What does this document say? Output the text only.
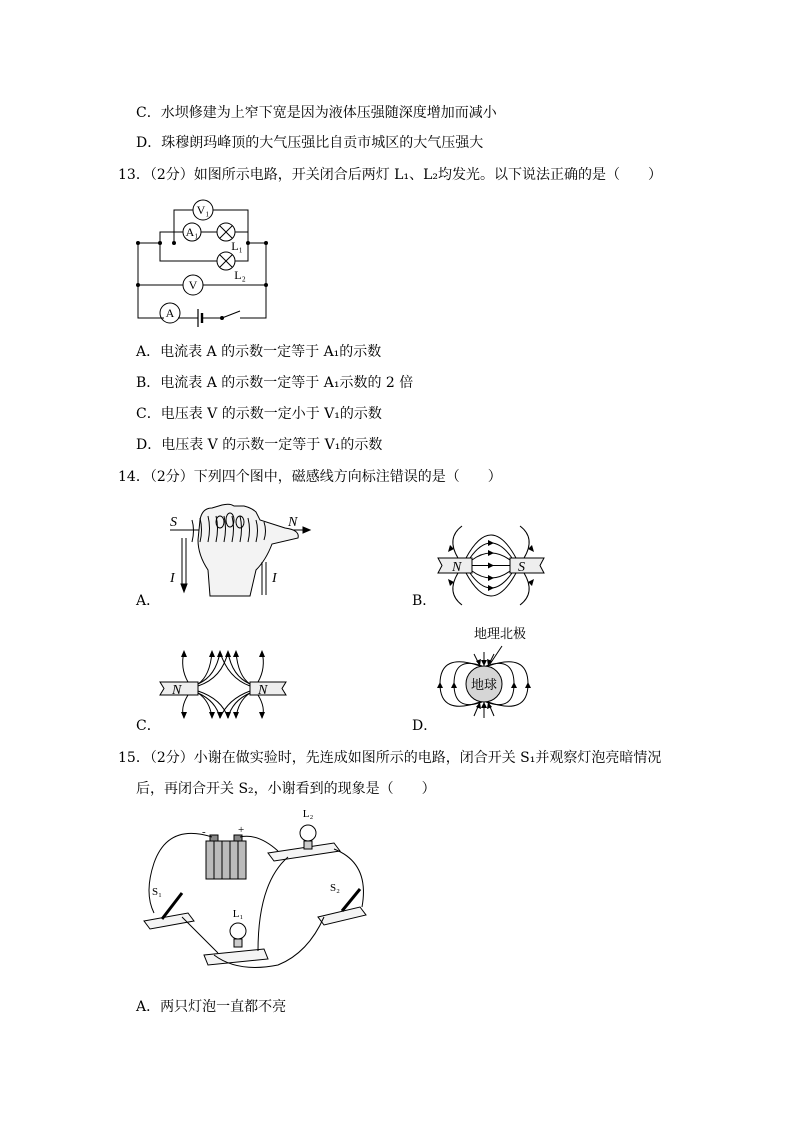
C．水坝修建为上窄下宽是因为液体压强随深度增加而减小
D．珠穆朗玛峰顶的大气压强比自贡市城区的大气压强大
13．（2分）如图所示电路，开关闭合后两灯 L₁、L₂均发光。以下说法正确的是（　　）
V₁
A₁
L₁
L₂
V
A
A．电流表 A 的示数一定等于 A₁的示数
B．电流表 A 的示数一定等于 A₁示数的 2 倍
C．电压表 V 的示数一定小于 V₁的示数
D．电压表 V 的示数一定等于 V₁的示数
14．（2分）下列四个图中，磁感线方向标注错误的是（　　）
S	N
I	I
A．
N	S
B．
N	N
C．
地理北极
地球
D．
15．（2分）小谢在做实验时，先连成如图所示的电路，闭合开关 S₁并观察灯泡亮暗情况
后，再闭合开关 S₂，小谢看到的现象是（　　）
L₂
L₁
S₁	S₂
-	+
A．两只灯泡一直都不亮
